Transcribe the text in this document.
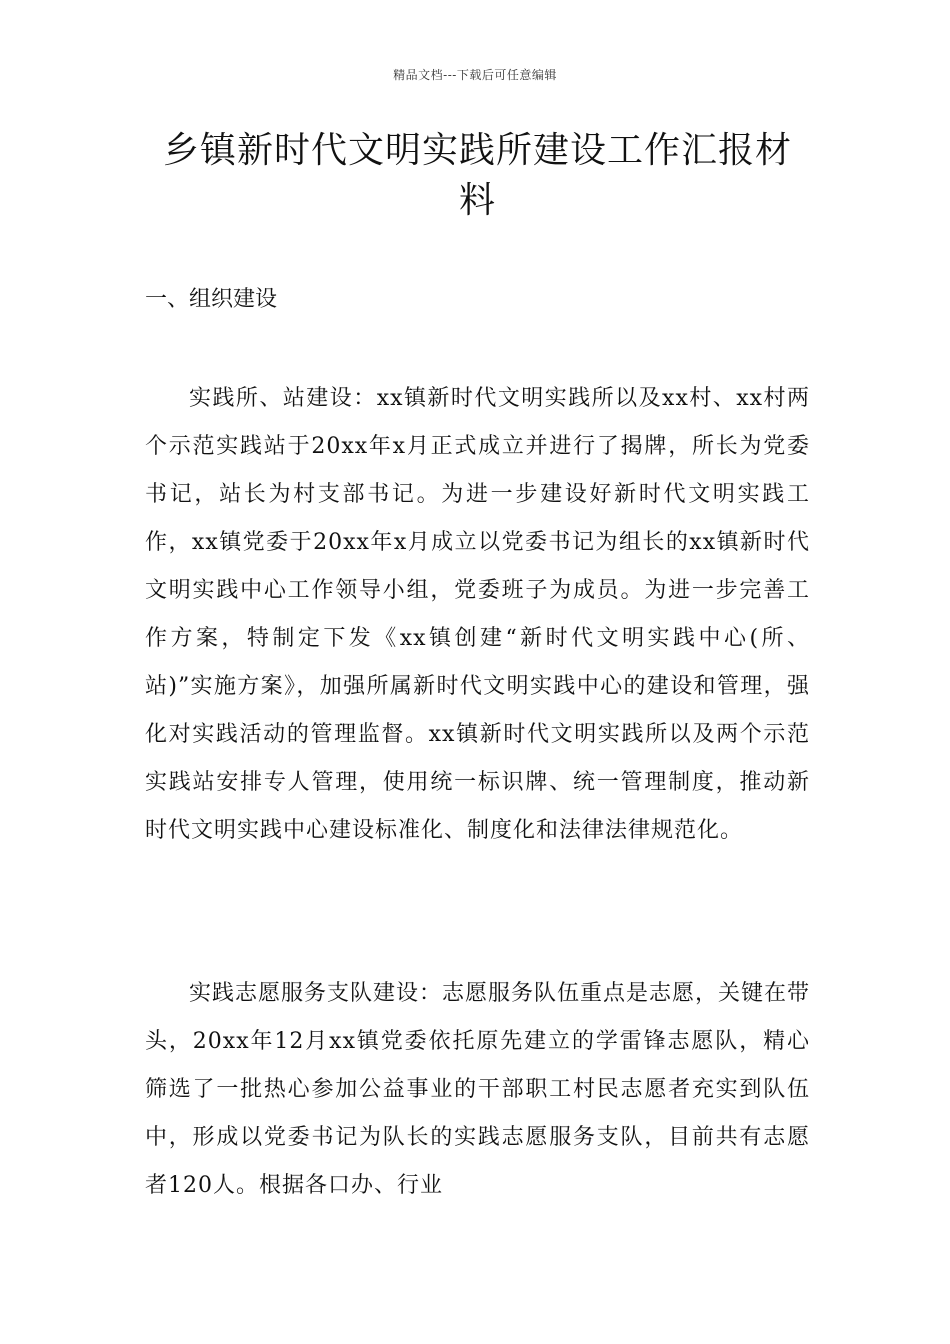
精品文档---下载后可任意编辑
乡镇新时代文明实践所建设工作汇报材料
一、组织建设

实践所、站建设：xx镇新时代文明实践所以及xx村、xx村两个示范实践站于20xx年x月正式成立并进行了揭牌，所长为党委书记，站长为村支部书记。为进一步建设好新时代文明实践工作，xx镇党委于20xx年x月成立以党委书记为组长的xx镇新时代文明实践中心工作领导小组，党委班子为成员。为进一步完善工作方案，特制定下发《xx镇创建“新时代文明实践中心(所、站)”实施方案》，加强所属新时代文明实践中心的建设和管理，强化对实践活动的管理监督。xx镇新时代文明实践所以及两个示范实践站安排专人管理，使用统一标识牌、统一管理制度，推动新时代文明实践中心建设标准化、制度化和法律法律规范化。

实践志愿服务支队建设：志愿服务队伍重点是志愿，关键在带头，20xx年12月xx镇党委依托原先建立的学雷锋志愿队，精心筛选了一批热心参加公益事业的干部职工村民志愿者充实到队伍中，形成以党委书记为队长的实践志愿服务支队，目前共有志愿者120人。根据各口办、行业
